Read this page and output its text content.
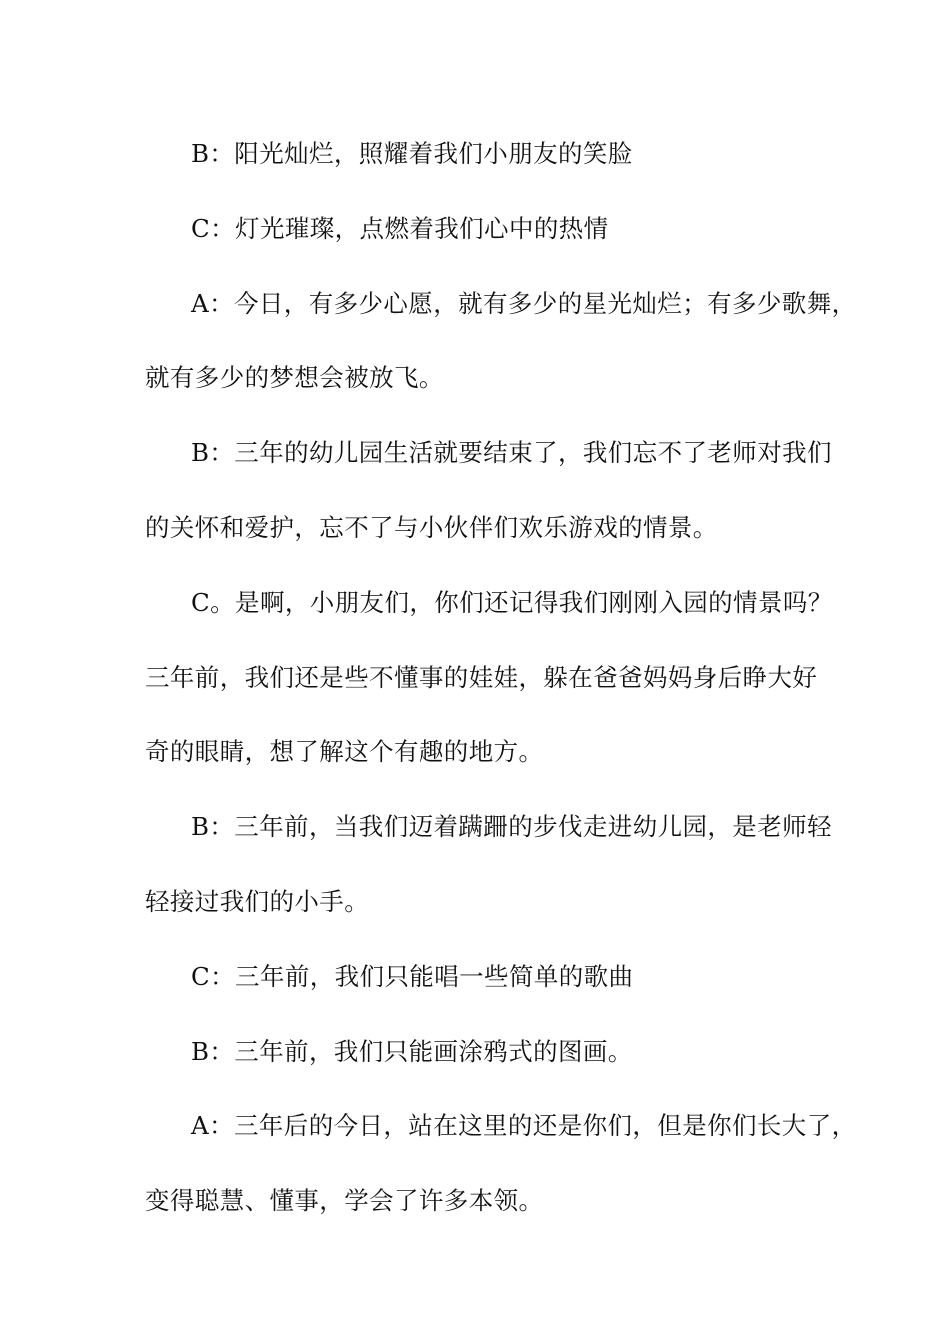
B：阳光灿烂，照耀着我们小朋友的笑脸
C：灯光璀璨，点燃着我们心中的热情
A：今日，有多少心愿，就有多少的星光灿烂；有多少歌舞，
就有多少的梦想会被放飞。
B：三年的幼儿园生活就要结束了，我们忘不了老师对我们
的关怀和爱护，忘不了与小伙伴们欢乐游戏的情景。
C。是啊，小朋友们，你们还记得我们刚刚入园的情景吗？
三年前，我们还是些不懂事的娃娃，躲在爸爸妈妈身后睁大好
奇的眼睛，想了解这个有趣的地方。
B：三年前，当我们迈着蹒跚的步伐走进幼儿园，是老师轻
轻接过我们的小手。
C：三年前，我们只能唱一些简单的歌曲
B：三年前，我们只能画涂鸦式的图画。
A：三年后的今日，站在这里的还是你们，但是你们长大了，
变得聪慧、懂事，学会了许多本领。
